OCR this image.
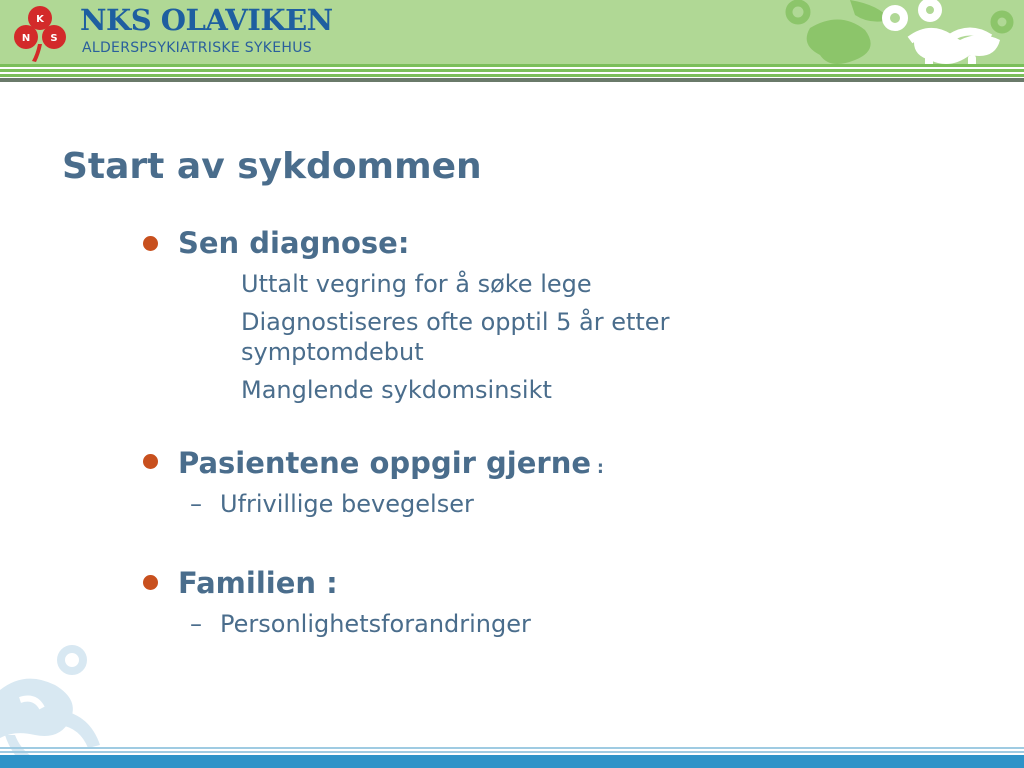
K
N S
NKS OLAVIKEN
ALDERSPSYKIATRISKE SYKEHUS
Start av sykdommen
Sen diagnose:
Uttalt vegring for å søke lege
Diagnostiseres ofte opptil 5 år etter
symptomdebut
Manglende sykdomsinsikt
Pasientene oppgir gjerne :
– Ufrivillige bevegelser
Familien :
– Personlighetsforandringer
